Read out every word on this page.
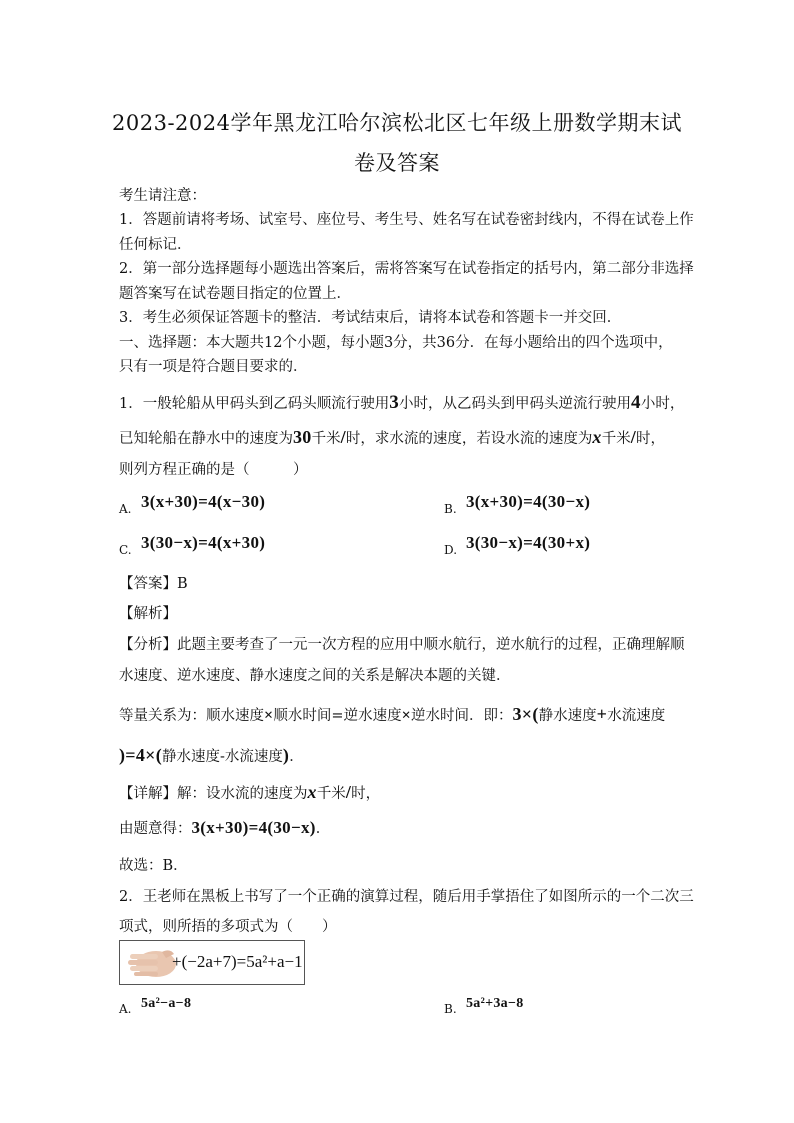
2023-2024学年黑龙江哈尔滨松北区七年级上册数学期末试
卷及答案
考生请注意：
1．答题前请将考场、试室号、座位号、考生号、姓名写在试卷密封线内，不得在试卷上作
任何标记．
2．第一部分选择题每小题选出答案后，需将答案写在试卷指定的括号内，第二部分非选择
题答案写在试卷题目指定的位置上．
3．考生必须保证答题卡的整洁．考试结束后，请将本试卷和答题卡一并交回．
一、选择题：本大题共12个小题，每小题3分，共36分．在每小题给出的四个选项中，
只有一项是符合题目要求的．
1．一般轮船从甲码头到乙码头顺流行驶用3小时，从乙码头到甲码头逆流行驶用4小时，
已知轮船在静水中的速度为30千米/时，求水流的速度，若设水流的速度为x千米/时，
则列方程正确的是（　　　）
A. 3(x+30)=4(x−30)	B. 3(x+30)=4(30−x)
C. 3(30−x)=4(x+30)	D. 3(30−x)=4(30+x)
【答案】B
【解析】
【分析】此题主要考查了一元一次方程的应用中顺水航行，逆水航行的过程，正确理解顺
水速度、逆水速度、静水速度之间的关系是解决本题的关键．
等量关系为：顺水速度×顺水时间=逆水速度×逆水时间．即：3×(静水速度+水流速度
)=4×(静水速度-水流速度)．
【详解】解：设水流的速度为x千米/时，
由题意得：3(x+30)=4(30−x)．
故选：B．
2．王老师在黑板上书写了一个正确的演算过程，随后用手掌捂住了如图所示的一个二次三
项式，则所捂的多项式为（　　）
+(−2a+7)=5a²+a−1
A. 5a²−a−8	B. 5a²+3a−8
